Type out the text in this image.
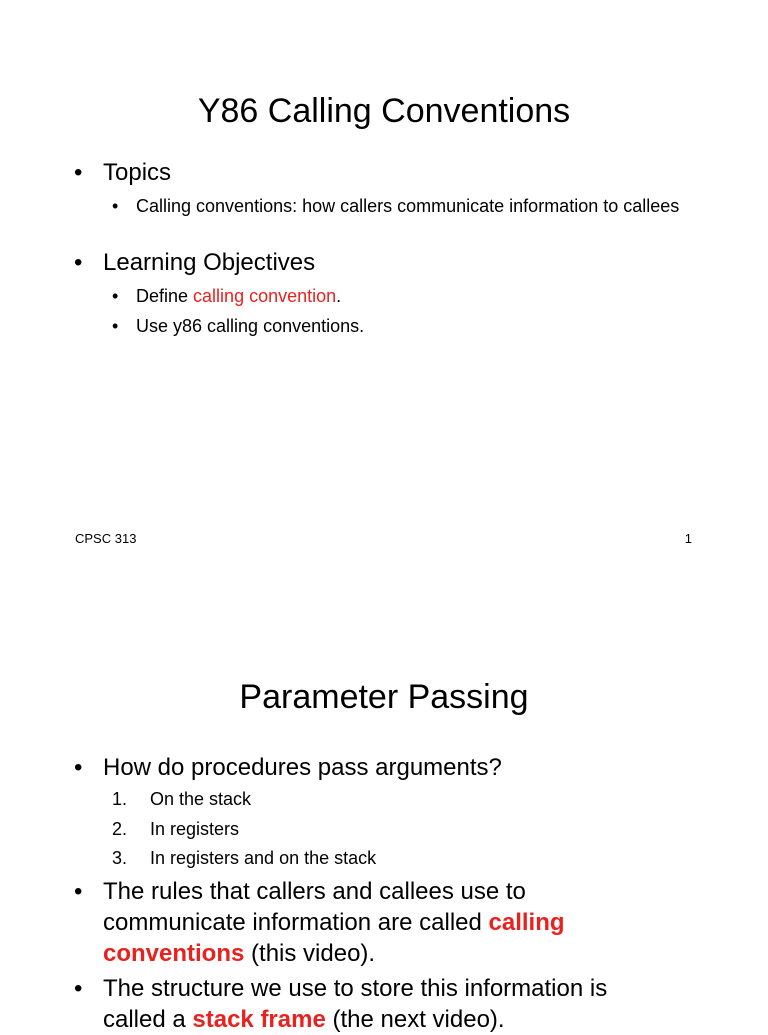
Y86 Calling Conventions
• Topics
• Calling conventions: how callers communicate information to callees
• Learning Objectives
• Define calling convention.
• Use y86 calling conventions.
CPSC 313	1
Parameter Passing
• How do procedures pass arguments?
1.	On the stack
2.	In registers
3.	In registers and on the stack
• The rules that callers and callees use to communicate information are called calling conventions (this video).
• The structure we use to store this information is called a stack frame (the next video).
